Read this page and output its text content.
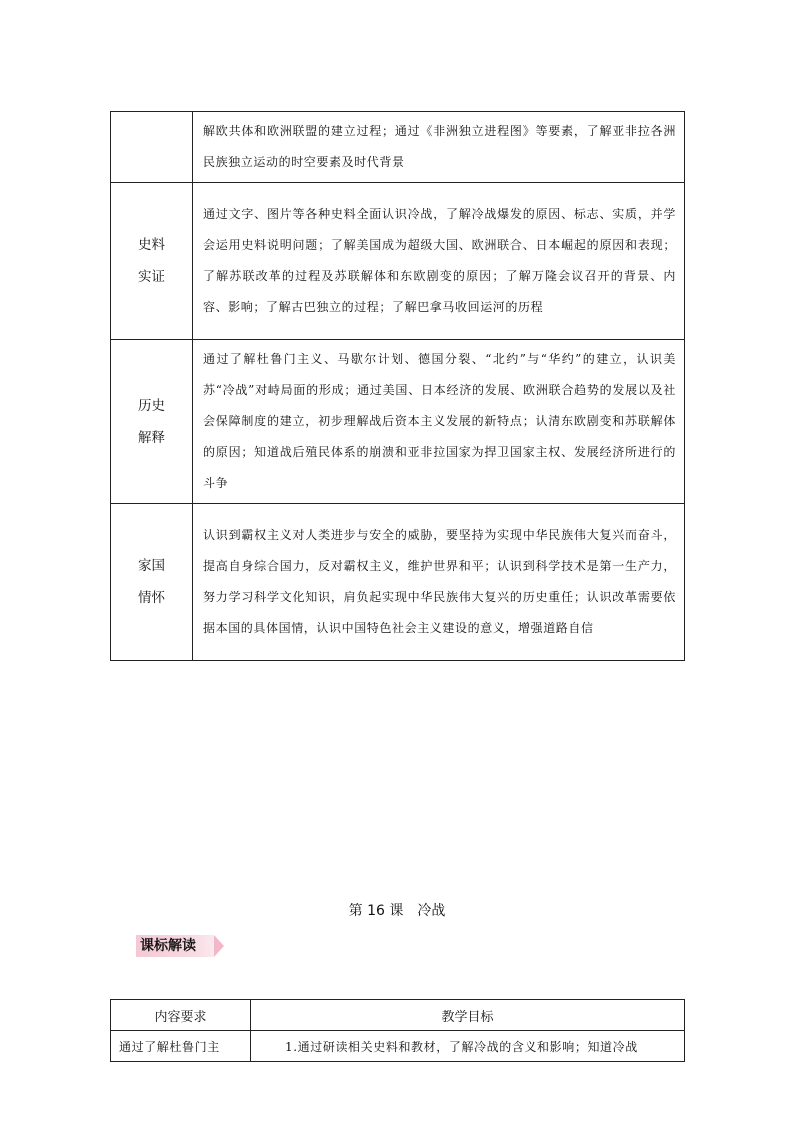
	解欧共体和欧洲联盟的建立过程；通过《非洲独立进程图》等要素，了解亚非拉各洲民族独立运动的时空要素及时代背景

史料
实证	通过文字、图片等各种史料全面认识冷战，了解冷战爆发的原因、标志、实质，并学会运用史料说明问题；了解美国成为超级大国、欧洲联合、日本崛起的原因和表现；了解苏联改革的过程及苏联解体和东欧剧变的原因；了解万隆会议召开的背景、内容、影响；了解古巴独立的过程；了解巴拿马收回运河的历程

历史
解释	通过了解杜鲁门主义、马歇尔计划、德国分裂、“北约”与“华约”的建立，认识美苏“冷战”对峙局面的形成；通过美国、日本经济的发展、欧洲联合趋势的发展以及社会保障制度的建立，初步理解战后资本主义发展的新特点；认清东欧剧变和苏联解体的原因；知道战后殖民体系的崩溃和亚非拉国家为捍卫国家主权、发展经济所进行的斗争

家国
情怀	认识到霸权主义对人类进步与安全的威胁，要坚持为实现中华民族伟大复兴而奋斗，提高自身综合国力，反对霸权主义，维护世界和平；认识到科学技术是第一生产力，努力学习科学文化知识，肩负起实现中华民族伟大复兴的历史重任；认识改革需要依据本国的具体国情，认识中国特色社会主义建设的意义，增强道路自信
第 16 课　冷战
课标解读
内容要求	教学目标
通过了解杜鲁门主	1.通过研读相关史料和教材，了解冷战的含义和影响；知道冷战
